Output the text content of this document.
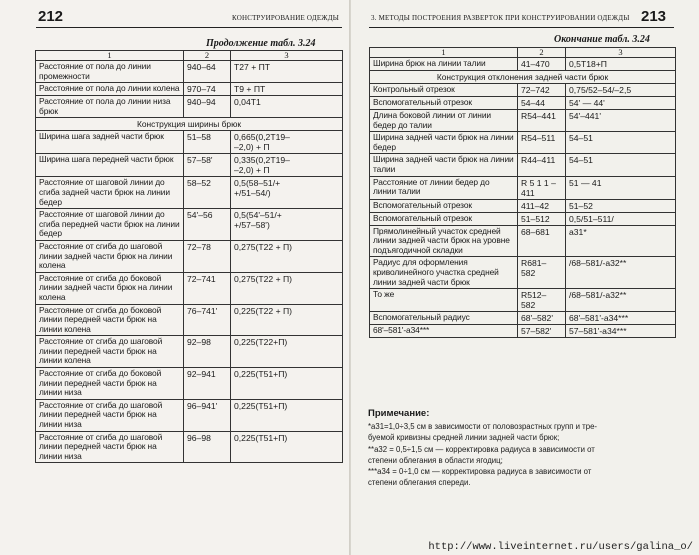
212	КОНСТРУИРОВАНИЕ ОДЕЖДЫ
Продолжение табл. 3.24
1	2	3
Расстояние от пола до линии промежности	940–64	Т27 + ПТ
Расстояние от пола до линии колена	970–74	Т9 + ПТ
Расстояние от пола до линии низа брюк	940–94	0,04Т1
Конструкция ширины брюк		
Ширина шага задней части брюк	51–58	0,665(0,2Т19–
–2,0) + П
Ширина шага передней части брюк	57–58'	0,335(0,2Т19–
–2,0) + П
Расстояние от шаговой линии до сгиба задней части брюк на линии бедер	58–52	0,5(58–51/+
+/51–54/)
Расстояние от шаговой линии до сгиба передней части брюк на линии бедер	54'–56	0,5(54'–51/+
+/57–58')
Расстояние от сгиба до шаговой линии задней части брюк на линии колена	72–78	0,275(Т22 + П)
Расстояние от сгиба до боковой линии задней части брюк на линии колена	72–741	0,275(Т22 + П)
Расстояние от сгиба до боковой линии передней части брюк на линии колена	76–741'	0,225(Т22 + П)
Расстояние от сгиба до шаговой линии передней части брюк на линии колена	92–98	0,225(Т22+П)
Расстояние от сгиба до боковой линии передней части брюк на линии низа	92–941	0,225(Т51+П)
Расстояние от сгиба до шаговой линии передней части брюк на линии низа	96–941'	0,225(Т51+П)
Расстояние от сгиба до шаговой линии передней части брюк на линии низа	96–98	0,225(Т51+П)
3. МЕТОДЫ ПОСТРОЕНИЯ РАЗВЕРТОК ПРИ КОНСТРУИРОВАНИИ ОДЕЖДЫ 213
Окончание табл. 3.24
1	2	3
Ширина брюк на линии талии	41–470	0,5Т18+П
Конструкция отклонения задней части брюк		
Контрольный отрезок	72–742	0,75/52–54/–2,5
Вспомогательный отрезок	54–44	54' — 44'
Длина боковой линии от линии бедер до талии	R54–441	54'–441'
Ширина задней части брюк на линии бедер	R54–511	54–51
Ширина задней части брюк на линии талии	R44–411	54–51
Расстояние от линии бедер до линии талии	R 5 1 1 –
411	51 — 41
Вспомогательный отрезок	411–42	51–52
Вспомогательный отрезок	51–512	0,5/51–511/
Прямолинейный участок средней линии задней части брюк на уровне подъягодичной складки	68–681	а31*
Радиус для оформления криволинейного участка средней линии задней части брюк	R681–
582	/68–581/-а32**
То же	R512–
582	/68–581/-а32**
Вспомогательный радиус	68'–582'	68'–581'-а34***
68'–581'-а34***	57–582'	57–581'-а34***
Примечание:
*а31=1,0÷3,5 см в зависимости от половозрастных групп и тре-
буемой кривизны средней линии задней части брюк;
**а32 = 0,5÷1,5 см — корректировка радиуса в зависимости от
степени облегания в области ягодиц;
***а34 = 0÷1,0 см — корректировка радиуса в зависимости от
степени облегания спереди.
http://www.liveinternet.ru/users/galina_o/
